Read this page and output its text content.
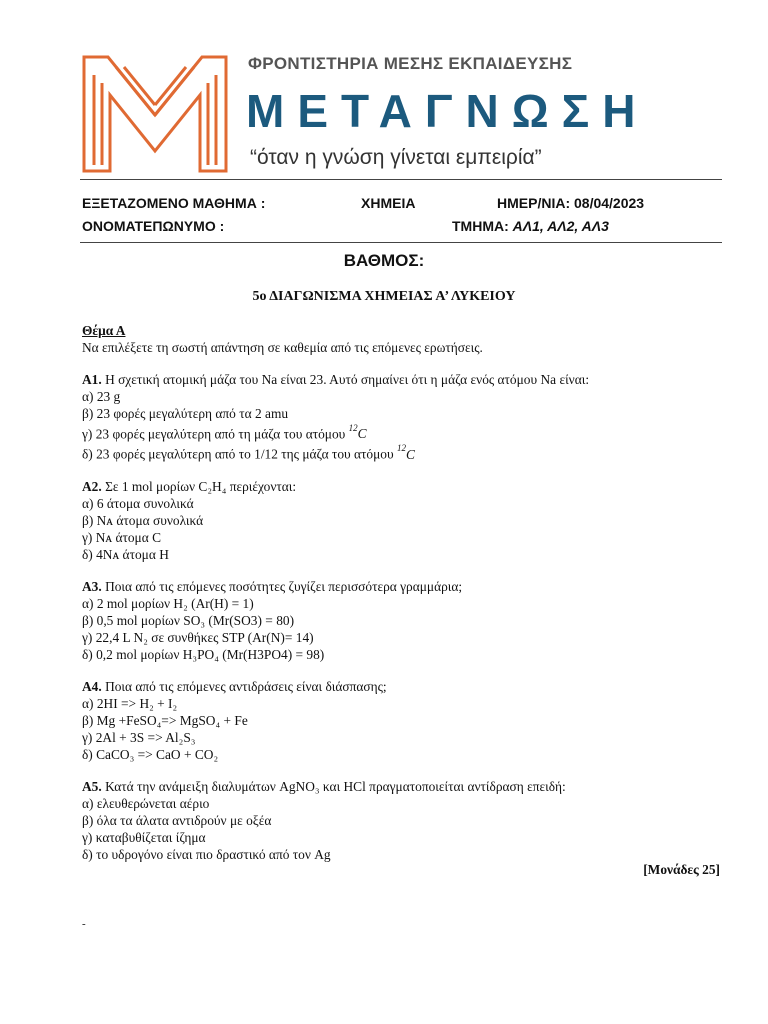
ΦΡΟΝΤΙΣΤΗΡΙΑ ΜΕΣΗΣ ΕΚΠΑΙΔΕΥΣΗΣ
ΜΕΤΑΓΝΩΣΗ
“όταν η γνώση γίνεται εμπειρία”
ΕΞΕΤΑΖΟΜΕΝΟ ΜΑΘΗΜΑ :	ΧΗΜΕΙΑ	ΗΜΕΡ/ΝΙΑ: 08/04/2023
ΟΝΟΜΑΤΕΠΩΝΥΜΟ :	ΤΜΗΜΑ: ΑΛ1, ΑΛ2, ΑΛ3
ΒΑΘΜΟΣ:
5ο ΔΙΑΓΩΝΙΣΜΑ ΧΗΜΕΙΑΣ Α’ ΛΥΚΕΙΟΥ
Θέμα Α
Να επιλέξετε τη σωστή απάντηση σε καθεμία από τις επόμενες ερωτήσεις.
Α1. Η σχετική ατομική μάζα του Na είναι 23. Αυτό σημαίνει ότι η μάζα ενός ατόμου Na είναι:
α) 23 g
β) 23 φορές μεγαλύτερη από τα 2 amu
γ) 23 φορές μεγαλύτερη από τη μάζα του ατόμου $^{12}$C
δ) 23 φορές μεγαλύτερη από το 1/12 της μάζα του ατόμου $^{12}$C
Α2. Σε 1 mol μορίων C₂H₄ περιέχονται:
α) 6 άτομα συνολικά
β) Nᴀ άτομα συνολικά
γ) Nᴀ άτομα C
δ) 4Nᴀ άτομα H
Α3. Ποια από τις επόμενες ποσότητες ζυγίζει περισσότερα γραμμάρια;
α) 2 mol μορίων H₂ (Ar(H) = 1)
β) 0,5 mol μορίων SO₃ (Mr(SO3) = 80)
γ) 22,4 L N₂ σε συνθήκες STP (Ar(N)= 14)
δ) 0,2 mol μορίων H₃PO₄ (Mr(H3PO4) = 98)
Α4. Ποια από τις επόμενες αντιδράσεις είναι διάσπασης;
α) 2HI => H₂ + I₂
β) Mg +FeSO₄=> MgSO₄ + Fe
γ) 2Al + 3S => Al₂S₃
δ) CaCO₃ => CaO + CO₂
Α5. Κατά την ανάμειξη διαλυμάτων AgNO₃ και HCl πραγματοποιείται αντίδραση επειδή:
α) ελευθερώνεται αέριο
β) όλα τα άλατα αντιδρούν με οξέα
γ) καταβυθίζεται ίζημα
δ) το υδρογόνο είναι πιο δραστικό από τον Ag
[Μονάδες 25]
-
